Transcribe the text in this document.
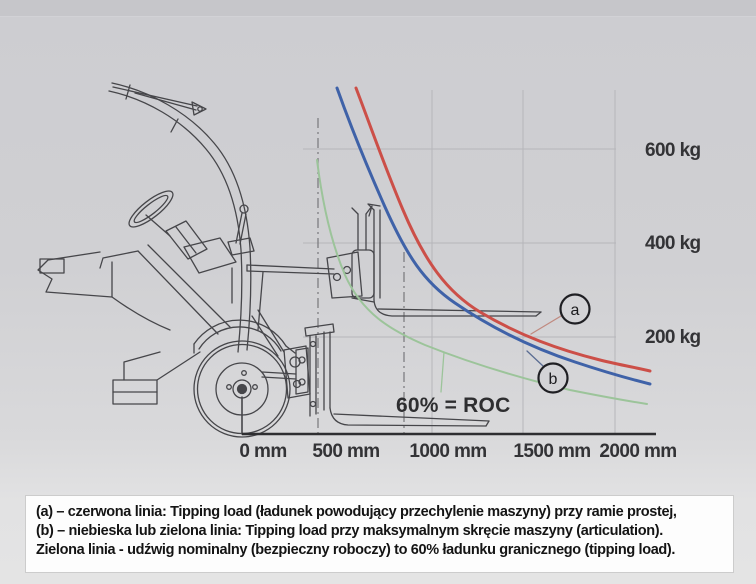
a
b
60% = ROC
600 kg
400 kg
200 kg
0 mm 500 mm 1000 mm 1500 mm 2000 mm
(a) – czerwona linia: Tipping load (ładunek powodujący przechylenie maszyny) przy ramie prostej,
(b) – niebieska lub zielona linia: Tipping load przy maksymalnym skręcie maszyny (articulation).
Zielona linia - udźwig nominalny (bezpieczny roboczy) to 60% ładunku granicznego (tipping load).
